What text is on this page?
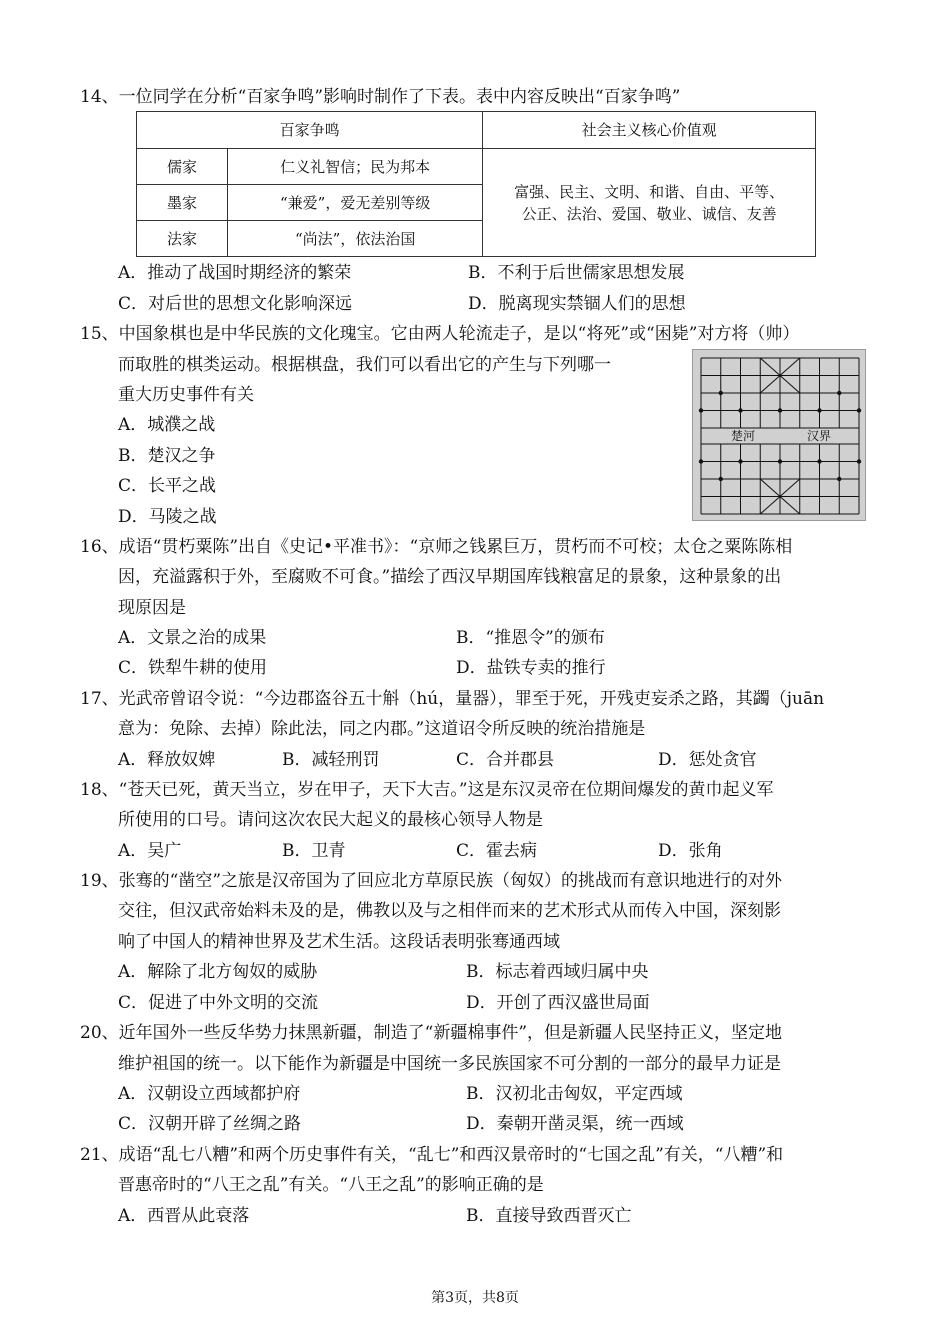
14、一位同学在分析“百家争鸣”影响时制作了下表。表中内容反映出“百家争鸣”
百家争鸣		社会主义核心价值观
儒家	仁义礼智信；民为邦本	富强、民主、文明、和谐、自由、平等、
公正、法治、爱国、敬业、诚信、友善

墨家	“兼爱”，爱无差别等级	
法家	“尚法”，依法治国	
A．推动了战国时期经济的繁荣	B．不利于后世儒家思想发展
C．对后世的思想文化影响深远	D．脱离现实禁锢人们的思想
15、中国象棋也是中华民族的文化瑰宝。它由两人轮流走子，是以“将死”或“困毙”对方将（帅）
而取胜的棋类运动。根据棋盘，我们可以看出它的产生与下列哪一
重大历史事件有关
A．城濮之战
B．楚汉之争
C．长平之战
D．马陵之战
楚河	汉界
16、成语“贯朽粟陈”出自《史记•平准书》：“京师之钱累巨万，贯朽而不可校；太仓之粟陈陈相
因，充溢露积于外，至腐败不可食。”描绘了西汉早期国库钱粮富足的景象，这种景象的出
现原因是
A．文景之治的成果	B．“推恩令”的颁布
C．铁犁牛耕的使用	D．盐铁专卖的推行
17、光武帝曾诏令说：“今边郡盗谷五十斛（hú，量器），罪至于死，开残吏妄杀之路，其蠲（juān
意为：免除、去掉）除此法，同之内郡。”这道诏令所反映的统治措施是
A．释放奴婢	B．减轻刑罚	C．合并郡县	D．惩处贪官
18、“苍天已死，黄天当立，岁在甲子，天下大吉。”这是东汉灵帝在位期间爆发的黄巾起义军
所使用的口号。请问这次农民大起义的最核心领导人物是
A．吴广	B．卫青	C．霍去病	D．张角
19、张骞的“凿空”之旅是汉帝国为了回应北方草原民族（匈奴）的挑战而有意识地进行的对外
交往，但汉武帝始料未及的是，佛教以及与之相伴而来的艺术形式从而传入中国，深刻影
响了中国人的精神世界及艺术生活。这段话表明张骞通西域
A．解除了北方匈奴的威胁	B．标志着西域归属中央
C．促进了中外文明的交流	D．开创了西汉盛世局面
20、近年国外一些反华势力抹黑新疆，制造了“新疆棉事件”，但是新疆人民坚持正义，坚定地
维护祖国的统一。以下能作为新疆是中国统一多民族国家不可分割的一部分的最早力证是
A．汉朝设立西域都护府	B．汉初北击匈奴，平定西域
C．汉朝开辟了丝绸之路	D．秦朝开凿灵渠，统一西域
21、成语“乱七八糟”和两个历史事件有关，“乱七”和西汉景帝时的“七国之乱”有关，“八糟”和
晋惠帝时的“八王之乱”有关。“八王之乱”的影响正确的是
A．西晋从此衰落	B．直接导致西晋灭亡
第3页，共8页
